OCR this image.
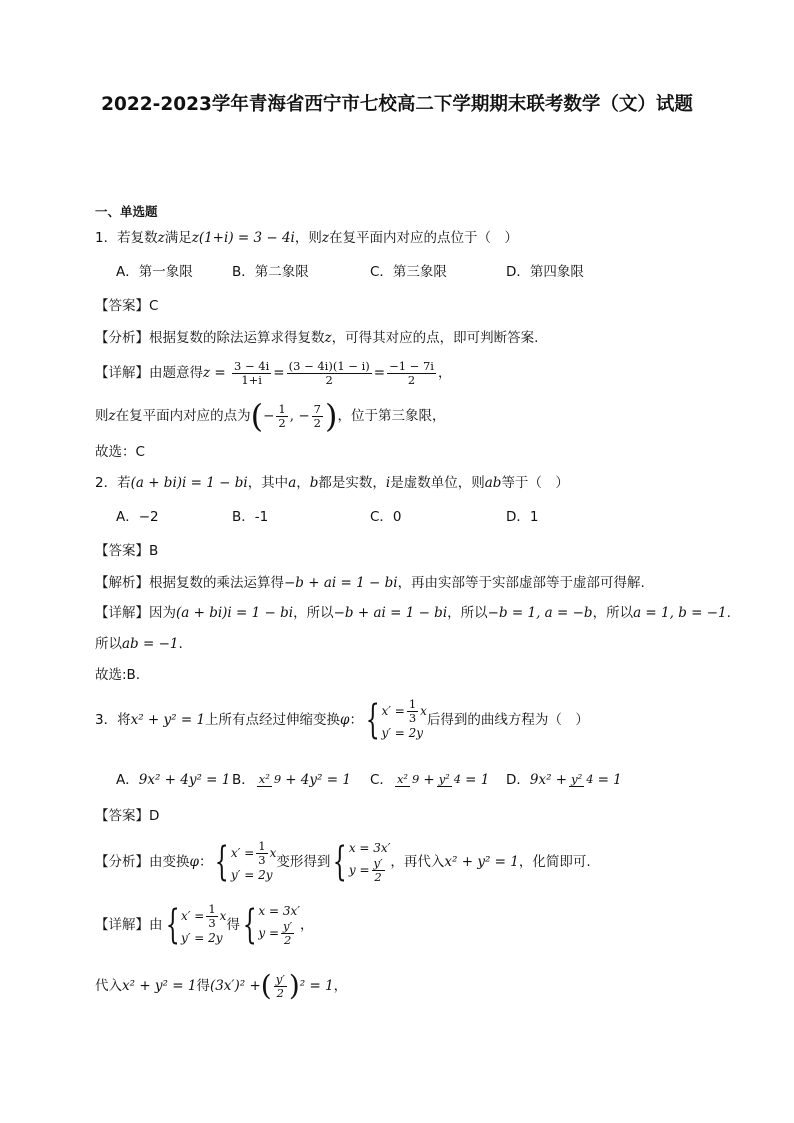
2022-2023学年青海省西宁市七校高二下学期期末联考数学（文）试题
一、单选题
1．若复数z满足z(1+i) = 3 − 4i，则z在复平面内对应的点位于（　）
A．第一象限	B．第二象限	C．第三象限	D．第四象限
【答案】C
【分析】根据复数的除法运算求得复数z，可得其对应的点，即可判断答案.
【详解】由题意得$z = \frac{3 - 4i}{1+i} = \frac{(3 - 4i)(1 - i)}{2} = \frac{-1 - 7i}{2}$ ，
则z在复平面内对应的点为(− $\frac{1}{2}$ , − $\frac{7}{2}$ )，位于第三象限，
故选：C
2．若(a + bi)i = 1 − bi，其中a，b都是实数，i是虚数单位，则ab等于（　）
A．−2	B．-1	C．0	D．1
【答案】B
【解析】根据复数的乘法运算得−b + ai = 1 − bi，再由实部等于实部虚部等于虚部可得解.
【详解】因为(a + bi)i = 1 − bi，所以−b + ai = 1 − bi，所以−b = 1, a = −b，所以a = 1, b = −1.
所以ab = −1.
故选:B.
3．将x² + y² = 1上所有点经过伸缩变换φ： { $x' = \frac{1}{3}$ x
y′ = 2y
后得到的曲线方程为（　）
A．9x² + 4y² = 1 B． x² 9 + 4y² = 1 C． x² 9 + y² 4 = 1 D．9x² + y² 4 = 1
【答案】D
【分析】由变换φ： { $x' = \frac{1}{3}$ x
y′ = 2y
变形得到 { x = 3x′
$y = \frac{y'}{2}$ ，再代入x² + y² = 1，化简即可.
【详解】由 { $x' = \frac{1}{3}$ x
y′ = 2y
得 { x = 3x′
$y = \frac{y'}{2}$ ，
代入x² + y² = 1得(3x′)² +( $\frac{y'}{2} )^2 = 1$，
